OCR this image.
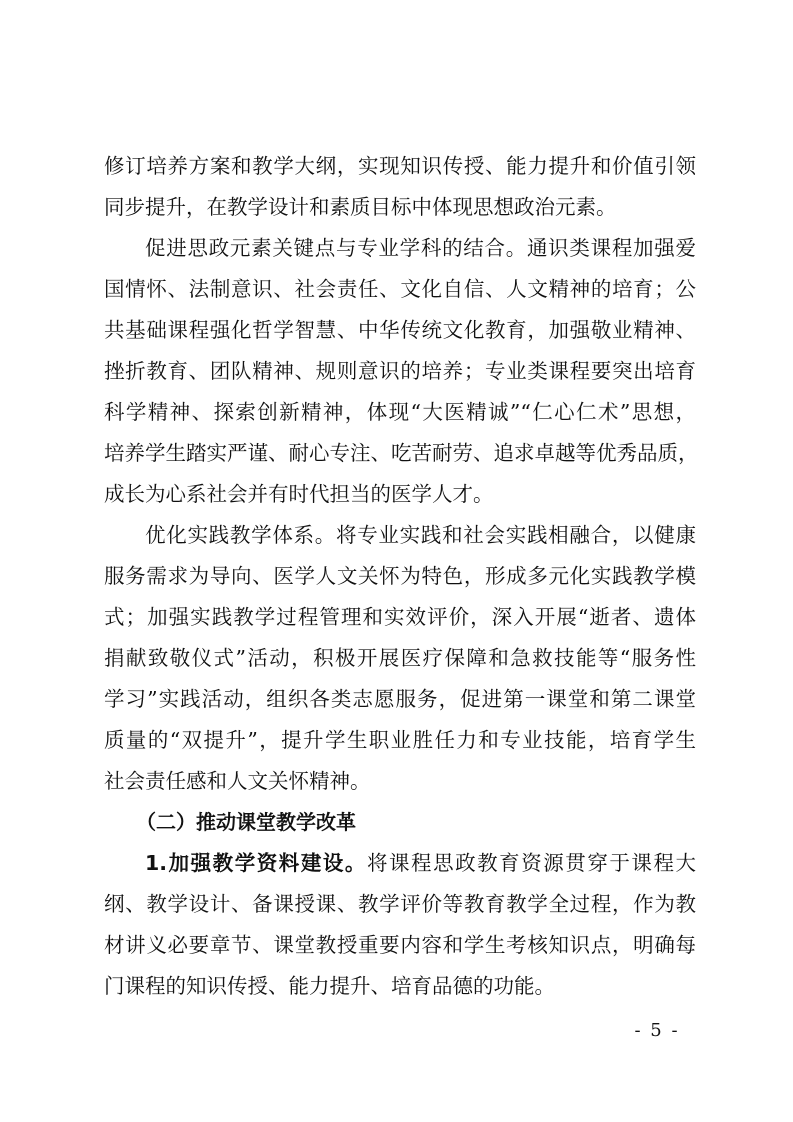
修订培养方案和教学大纲，实现知识传授、能力提升和价值引领
同步提升，在教学设计和素质目标中体现思想政治元素。
促进思政元素关键点与专业学科的结合。通识类课程加强爱
国情怀、法制意识、社会责任、文化自信、人文精神的培育；公
共基础课程强化哲学智慧、中华传统文化教育，加强敬业精神、
挫折教育、团队精神、规则意识的培养；专业类课程要突出培育
科学精神、探索创新精神，体现“大医精诚”“仁心仁术”思想，
培养学生踏实严谨、耐心专注、吃苦耐劳、追求卓越等优秀品质，
成长为心系社会并有时代担当的医学人才。
优化实践教学体系。将专业实践和社会实践相融合，以健康
服务需求为导向、医学人文关怀为特色，形成多元化实践教学模
式；加强实践教学过程管理和实效评价，深入开展“逝者、遗体
捐献致敬仪式”活动，积极开展医疗保障和急救技能等“服务性
学习”实践活动，组织各类志愿服务，促进第一课堂和第二课堂
质量的“双提升”，提升学生职业胜任力和专业技能，培育学生
社会责任感和人文关怀精神。
（二）推动课堂教学改革
1.加强教学资料建设。将课程思政教育资源贯穿于课程大
纲、教学设计、备课授课、教学评价等教育教学全过程，作为教
材讲义必要章节、课堂教授重要内容和学生考核知识点，明确每
门课程的知识传授、能力提升、培育品德的功能。
- 5 -
